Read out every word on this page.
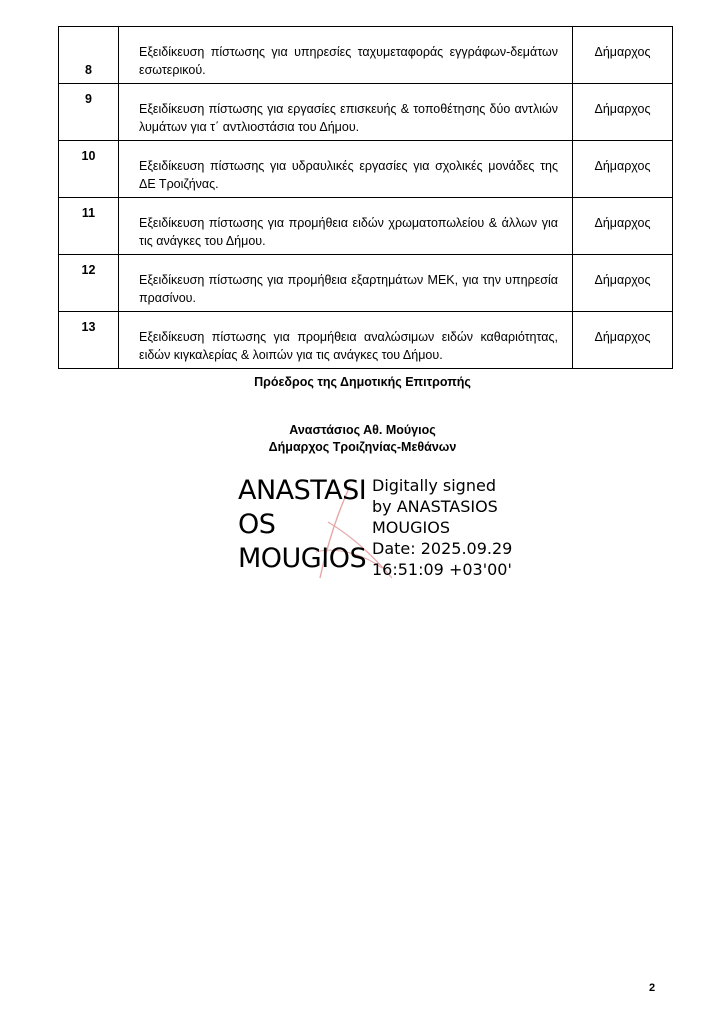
8	Εξειδίκευση πίστωσης για υπηρεσίες ταχυμεταφοράς εγγράφων-δεμάτων εσωτερικού.	Δήμαρχος

9	Εξειδίκευση πίστωσης για εργασίες επισκευής & τοποθέτησης δύο αντλιών λυμάτων για τ΄ αντλιοστάσια του Δήμου.	Δήμαρχος

10	Εξειδίκευση πίστωσης για υδραυλικές εργασίες για σχολικές μονάδες της ΔΕ Τροιζήνας.	Δήμαρχος

11	Εξειδίκευση πίστωσης για προμήθεια ειδών χρωματοπωλείου & άλλων για τις ανάγκες του Δήμου.	Δήμαρχος

12	Εξειδίκευση πίστωσης για προμήθεια εξαρτημάτων ΜΕΚ, για την υπηρεσία πρασίνου.	Δήμαρχος

13	Εξειδίκευση πίστωσης για προμήθεια αναλώσιμων ειδών καθαριότητας, ειδών κιγκαλερίας & λοιπών για τις ανάγκες του Δήμου.	Δήμαρχος
Πρόεδρος της Δημοτικής Επιτροπής
Αναστάσιος Αθ. Μούγιος
Δήμαρχος Τροιζηνίας-Μεθάνων
ANASTASI
OS
MOUGIOS
Digitally signed
by ANASTASIOS
MOUGIOS
Date: 2025.09.29
16:51:09 +03'00'
2
